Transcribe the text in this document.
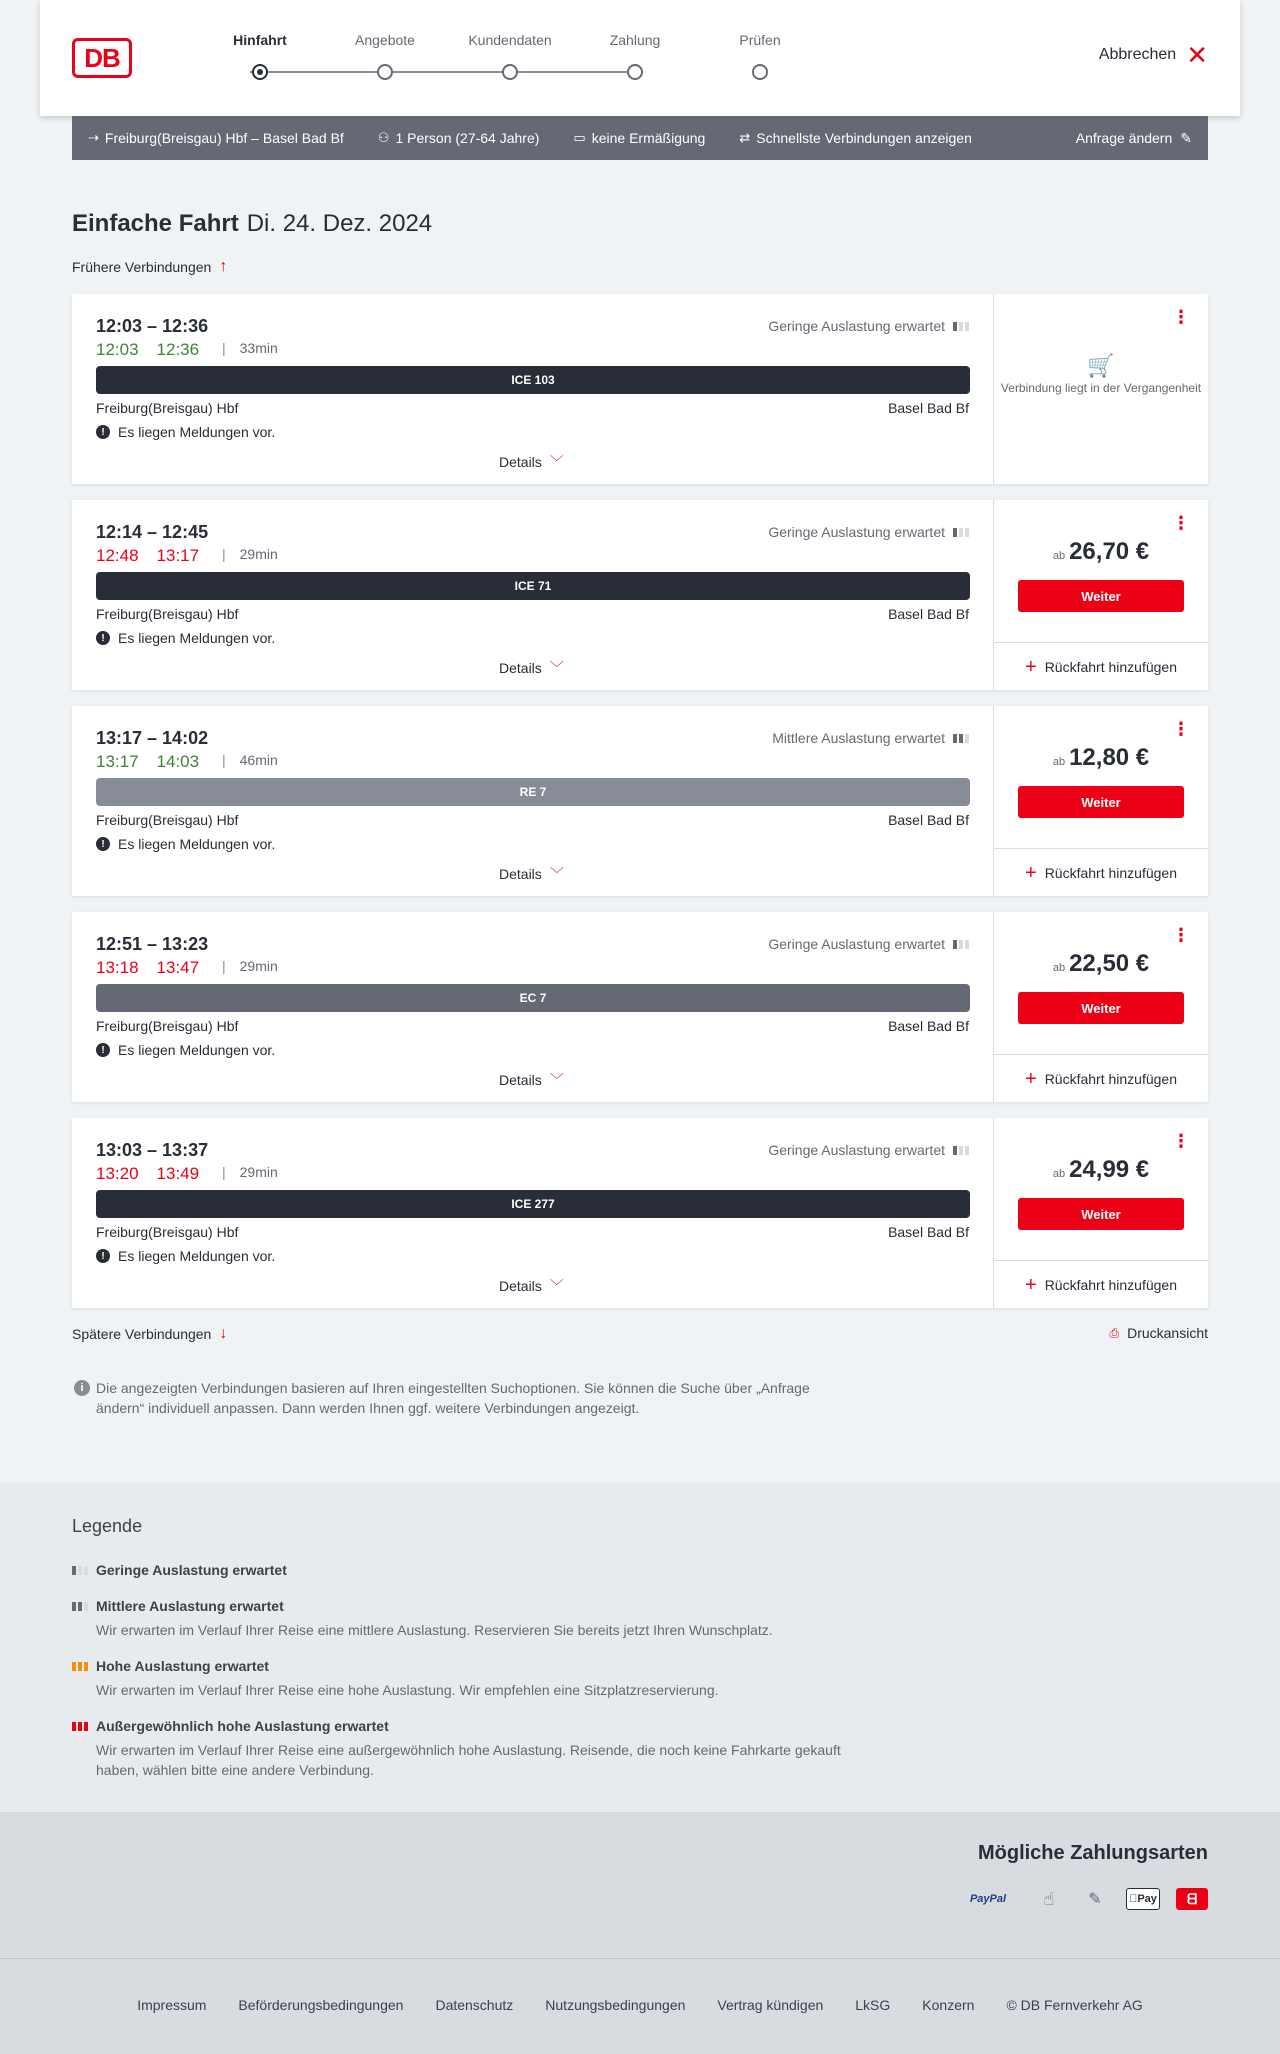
DB
Hinfahrt	Angebote	Kundendaten	Zahlung	Prüfen
Abbrechen ✕
⇢ Freiburg(Breisgau) Hbf – Basel Bad Bf	⚇ 1 Person (27-64 Jahre)	▭ keine Ermäßigung	⇄ Schnellste Verbindungen anzeigen	Anfrage ändern ✎
Einfache Fahrt Di. 24. Dez. 2024
Frühere Verbindungen ↑
12:03 – 12:36
| 33min
12:03 12:36
Geringe Auslastung erwartet
ICE 103
Freiburg(Breisgau) Hbf	Basel Bad Bf
! Es liegen Meldungen vor.
Details ﹀
⋮
🛒
Verbindung liegt in der Vergangenheit
12:14 – 12:45
| 29min
12:48 13:17
Geringe Auslastung erwartet
ICE 71
Freiburg(Breisgau) Hbf	Basel Bad Bf
! Es liegen Meldungen vor.
Details ﹀
⋮
ab 26,70 €
Weiter
+ Rückfahrt hinzufügen
13:17 – 14:02
| 46min
13:17 14:03
Mittlere Auslastung erwartet
RE 7
Freiburg(Breisgau) Hbf	Basel Bad Bf
! Es liegen Meldungen vor.
Details ﹀
⋮
ab 12,80 €
Weiter
+ Rückfahrt hinzufügen
12:51 – 13:23
| 29min
13:18 13:47
Geringe Auslastung erwartet
EC 7
Freiburg(Breisgau) Hbf	Basel Bad Bf
! Es liegen Meldungen vor.
Details ﹀
⋮
ab 22,50 €
Weiter
+ Rückfahrt hinzufügen
13:03 – 13:37
| 29min
13:20 13:49
Geringe Auslastung erwartet
ICE 277
Freiburg(Breisgau) Hbf	Basel Bad Bf
! Es liegen Meldungen vor.
Details ﹀
⋮
ab 24,99 €
Weiter
+ Rückfahrt hinzufügen
Spätere Verbindungen ↓	⎙ Druckansicht
i Die angezeigten Verbindungen basieren auf Ihren eingestellten Suchoptionen. Sie können die Suche über „Anfrage ändern“ individuell anpassen. Dann werden Ihnen ggf. weitere Verbindungen angezeigt.
Legende
Geringe Auslastung erwartet
Mittlere Auslastung erwartet
Wir erwarten im Verlauf Ihrer Reise eine mittlere Auslastung. Reservieren Sie bereits jetzt Ihren Wunschplatz.
Hohe Auslastung erwartet
Wir erwarten im Verlauf Ihrer Reise eine hohe Auslastung. Wir empfehlen eine Sitzplatzreservierung.
Außergewöhnlich hohe Auslastung erwartet
Wir erwarten im Verlauf Ihrer Reise eine außergewöhnlich hohe Auslastung. Reisende, die noch keine Fahrkarte gekauft haben, wählen bitte eine andere Verbindung.
Mögliche Zahlungsarten
PayPal	☝	✎	Pay	ᗺ
Impressum Beförderungsbedingungen Datenschutz Nutzungsbedingungen Vertrag kündigen LkSG Konzern © DB Fernverkehr AG
